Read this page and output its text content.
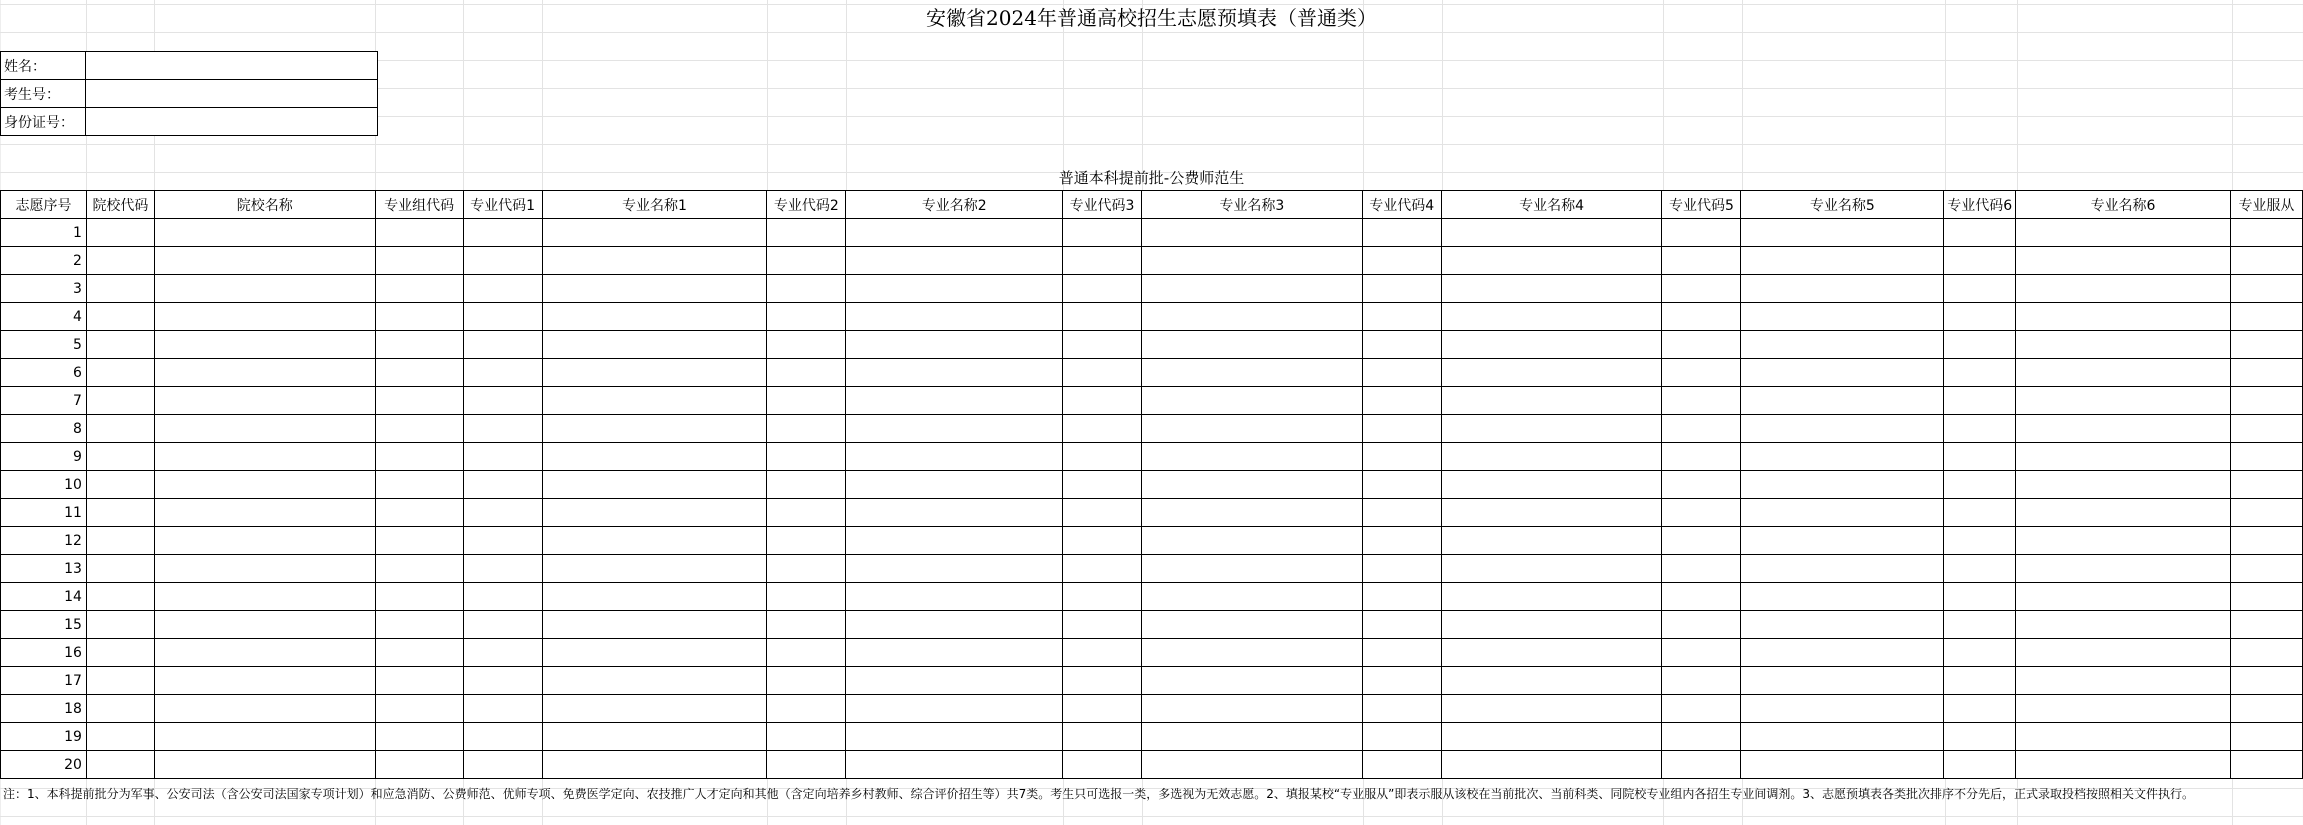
安徽省2024年普通高校招生志愿预填表（普通类）
姓名：	
考生号：	
身份证号：	
普通本科提前批-公费师范生
志愿序号	院校代码	院校名称	专业组代码	专业代码1	专业名称1	专业代码2	专业名称2	专业代码3	专业名称3	专业代码4	专业名称4	专业代码5	专业名称5	专业代码6	专业名称6	专业服从
1																
2																
3																
4																
5																
6																
7																
8																
9																
10																
11																
12																
13																
14																
15																
16																
17																
18																
19																
20																
注：1、本科提前批分为军事、公安司法（含公安司法国家专项计划）和应急消防、公费师范、优师专项、免费医学定向、农技推广人才定向和其他（含定向培养乡村教师、综合评价招生等）共7类。考生只可选报一类，多选视为无效志愿。2、填报某校“专业服从”即表示服从该校在当前批次、当前科类、同院校专业组内各招生专业间调剂。3、志愿预填表各类批次排序不分先后，正式录取投档按照相关文件执行。
